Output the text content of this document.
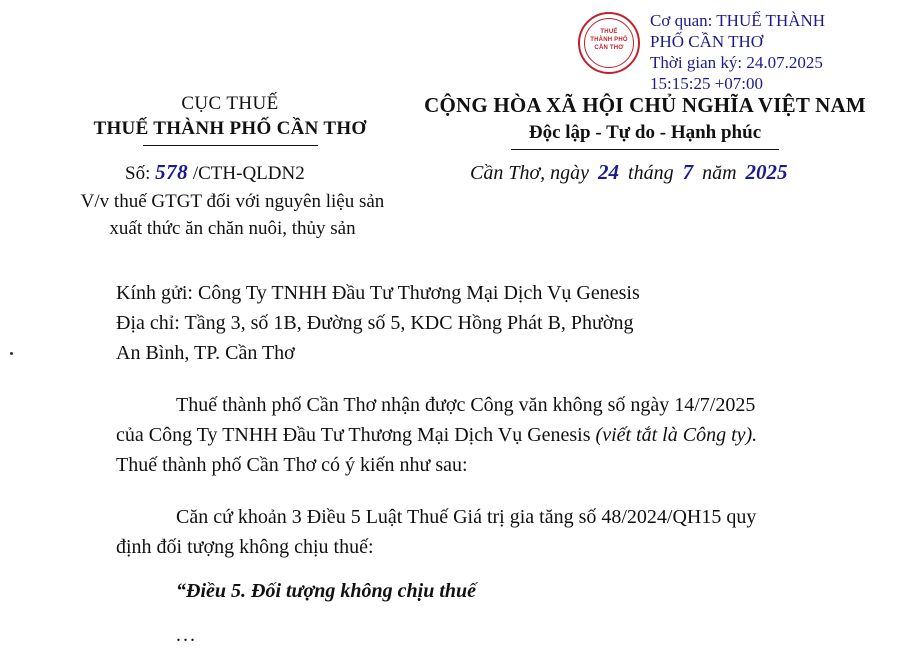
THUẾ
THÀNH PHỐ
CẦN THƠ
Cơ quan: THUẾ THÀNH
PHỐ CẦN THƠ
Thời gian ký: 24.07.2025
15:15:25 +07:00
CỤC THUẾ
THUẾ THÀNH PHỐ CẦN THƠ
CỘNG HÒA XÃ HỘI CHỦ NGHĨA VIỆT NAM
Độc lập - Tự do - Hạnh phúc
Số: 578 /CTH-QLDN2
V/v thuế GTGT đối với nguyên liệu sản
xuất thức ăn chăn nuôi, thủy sản
Cần Thơ, ngày 24 tháng 7 năm 2025

Kính gửi: Công Ty TNHH Đầu Tư Thương Mại Dịch Vụ Genesis

Địa chỉ: Tầng 3, số 1B, Đường số 5, KDC Hồng Phát B, Phường

An Bình, TP. Cần Thơ

Thuế thành phố Cần Thơ nhận được Công văn không số ngày 14/7/2025

của Công Ty TNHH Đầu Tư Thương Mại Dịch Vụ Genesis (viết tắt là Công ty).

Thuế thành phố Cần Thơ có ý kiến như sau:

Căn cứ khoản 3 Điều 5 Luật Thuế Giá trị gia tăng số 48/2024/QH15 quy

định đối tượng không chịu thuế:

“Điều 5. Đối tượng không chịu thuế

...
